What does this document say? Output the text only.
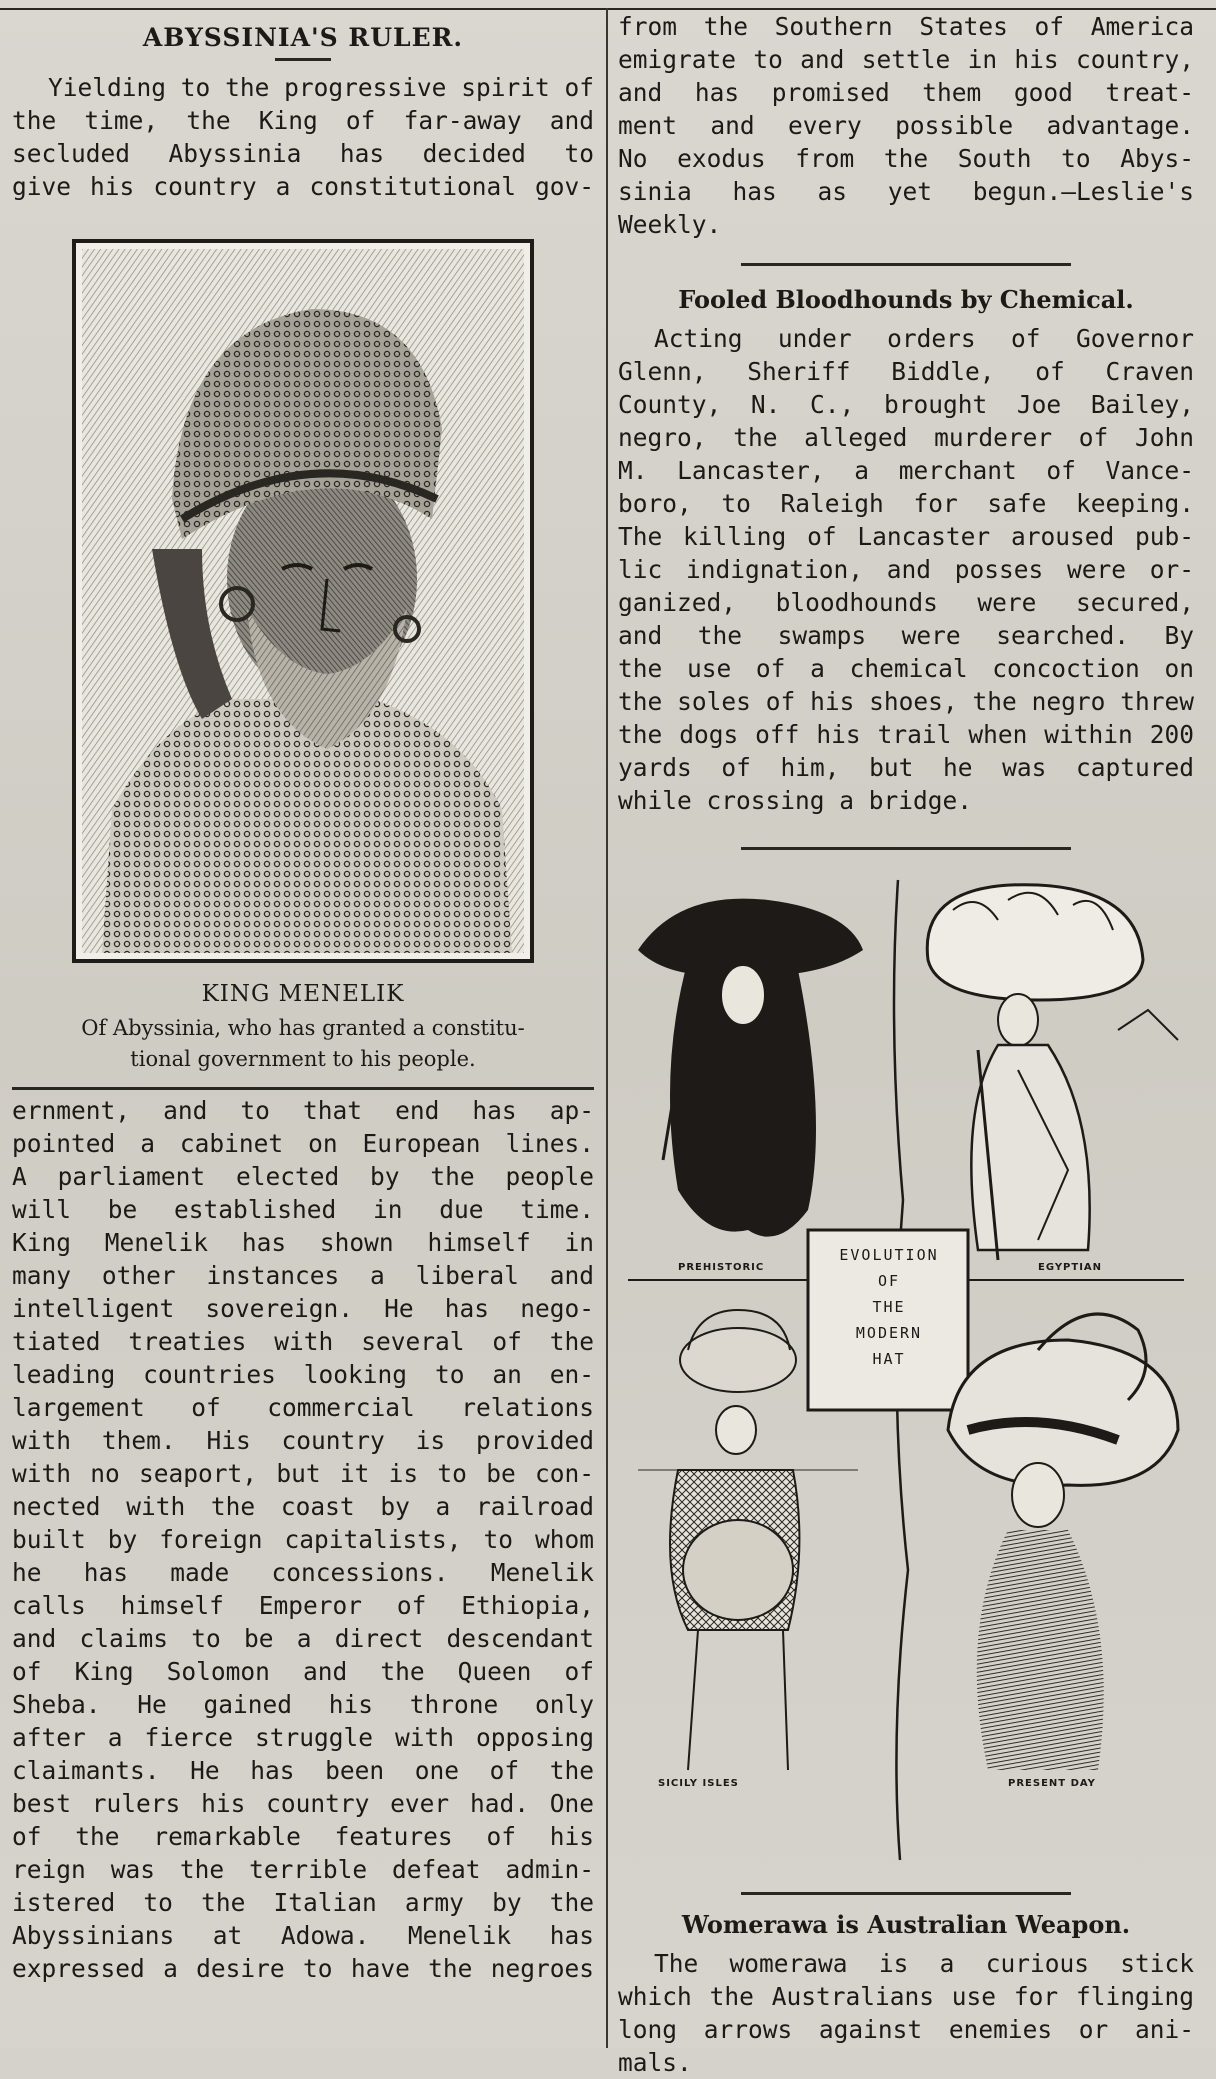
ABYSSINIA'S RULER.
Yielding to the progressive spirit of
the time, the King of far-away and
secluded Abyssinia has decided to
give his country a constitutional gov-
KING MENELIK

Of Abyssinia, who has granted a constitu-

tional government to his people.

ernment, and to that end has ap-
pointed a cabinet on European lines.
A parliament elected by the people
will be established in due time.
King Menelik has shown himself in
many other instances a liberal and
intelligent sovereign. He has nego-
tiated treaties with several of the
leading countries looking to an en-
largement of commercial relations
with them. His country is provided
with no seaport, but it is to be con-
nected with the coast by a railroad
built by foreign capitalists, to whom
he has made concessions. Menelik
calls himself Emperor of Ethiopia,
and claims to be a direct descendant
of King Solomon and the Queen of
Sheba. He gained his throne only
after a fierce struggle with opposing
claimants. He has been one of the
best rulers his country ever had. One
of the remarkable features of his
reign was the terrible defeat admin-
istered to the Italian army by the
Abyssinians at Adowa. Menelik has
expressed a desire to have the negroes
from the Southern States of America
emigrate to and settle in his country,
and has promised them good treat-
ment and every possible advantage.
No exodus from the South to Abys-
sinia has as yet begun.—Leslie's
Weekly.
Fooled Bloodhounds by Chemical.
Acting under orders of Governor
Glenn, Sheriff Biddle, of Craven
County, N. C., brought Joe Bailey,
negro, the alleged murderer of John
M. Lancaster, a merchant of Vance-
boro, to Raleigh for safe keeping.
The killing of Lancaster aroused pub-
lic indignation, and posses were or-
ganized, bloodhounds were secured,
and the swamps were searched. By
the use of a chemical concoction on
the soles of his shoes, the negro threw
the dogs off his trail when within 200
yards of him, but he was captured
while crossing a bridge.
EVOLUTION
OF
THE
MODERN
HAT
PREHISTORIC	EGYPTIAN
SICILY ISLES	PRESENT DAY
Womerawa is Australian Weapon.
The womerawa is a curious stick
which the Australians use for flinging
long arrows against enemies or ani-
mals.
